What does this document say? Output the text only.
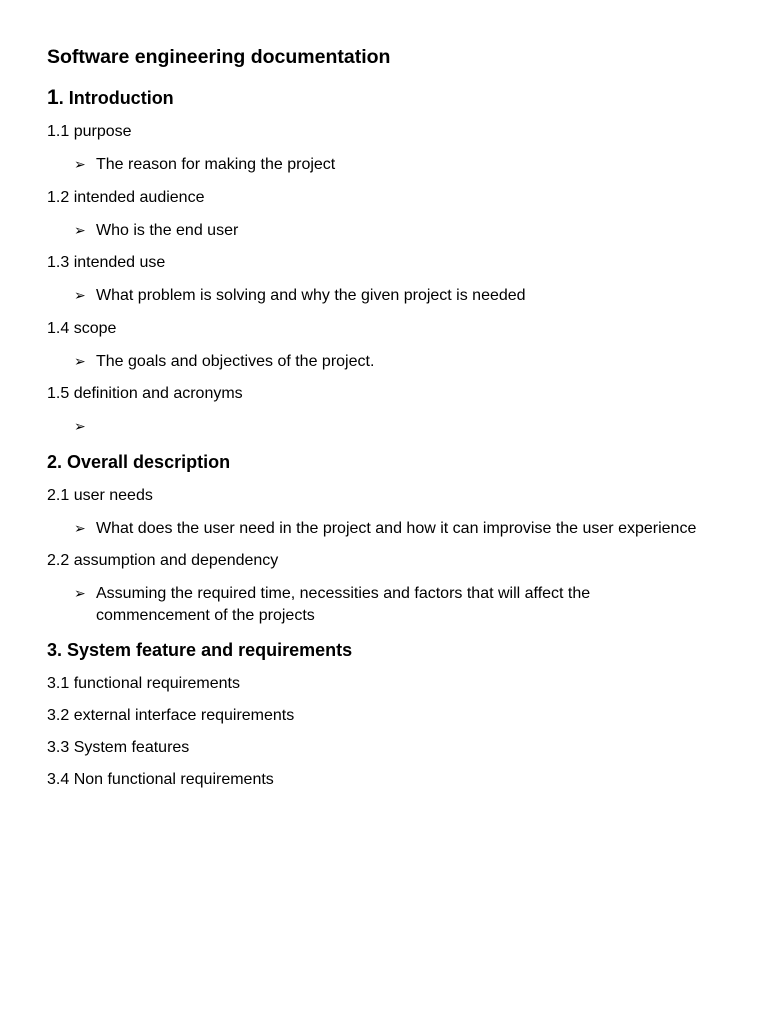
Software engineering documentation
1. Introduction
1.1 purpose
➢ The reason for making the project
1.2 intended audience
➢ Who is the end user
1.3 intended use
➢ What problem is solving and why the given project is needed
1.4 scope
➢ The goals and objectives of the project.
1.5 definition and acronyms
➢
2. Overall description
2.1 user needs
➢ What does the user need in the project and how it can improvise the user experience
2.2 assumption and dependency
➢ Assuming the required time, necessities and factors that will affect the commencement of the projects
3. System feature and requirements
3.1 functional requirements
3.2 external interface requirements
3.3 System features
3.4 Non functional requirements
